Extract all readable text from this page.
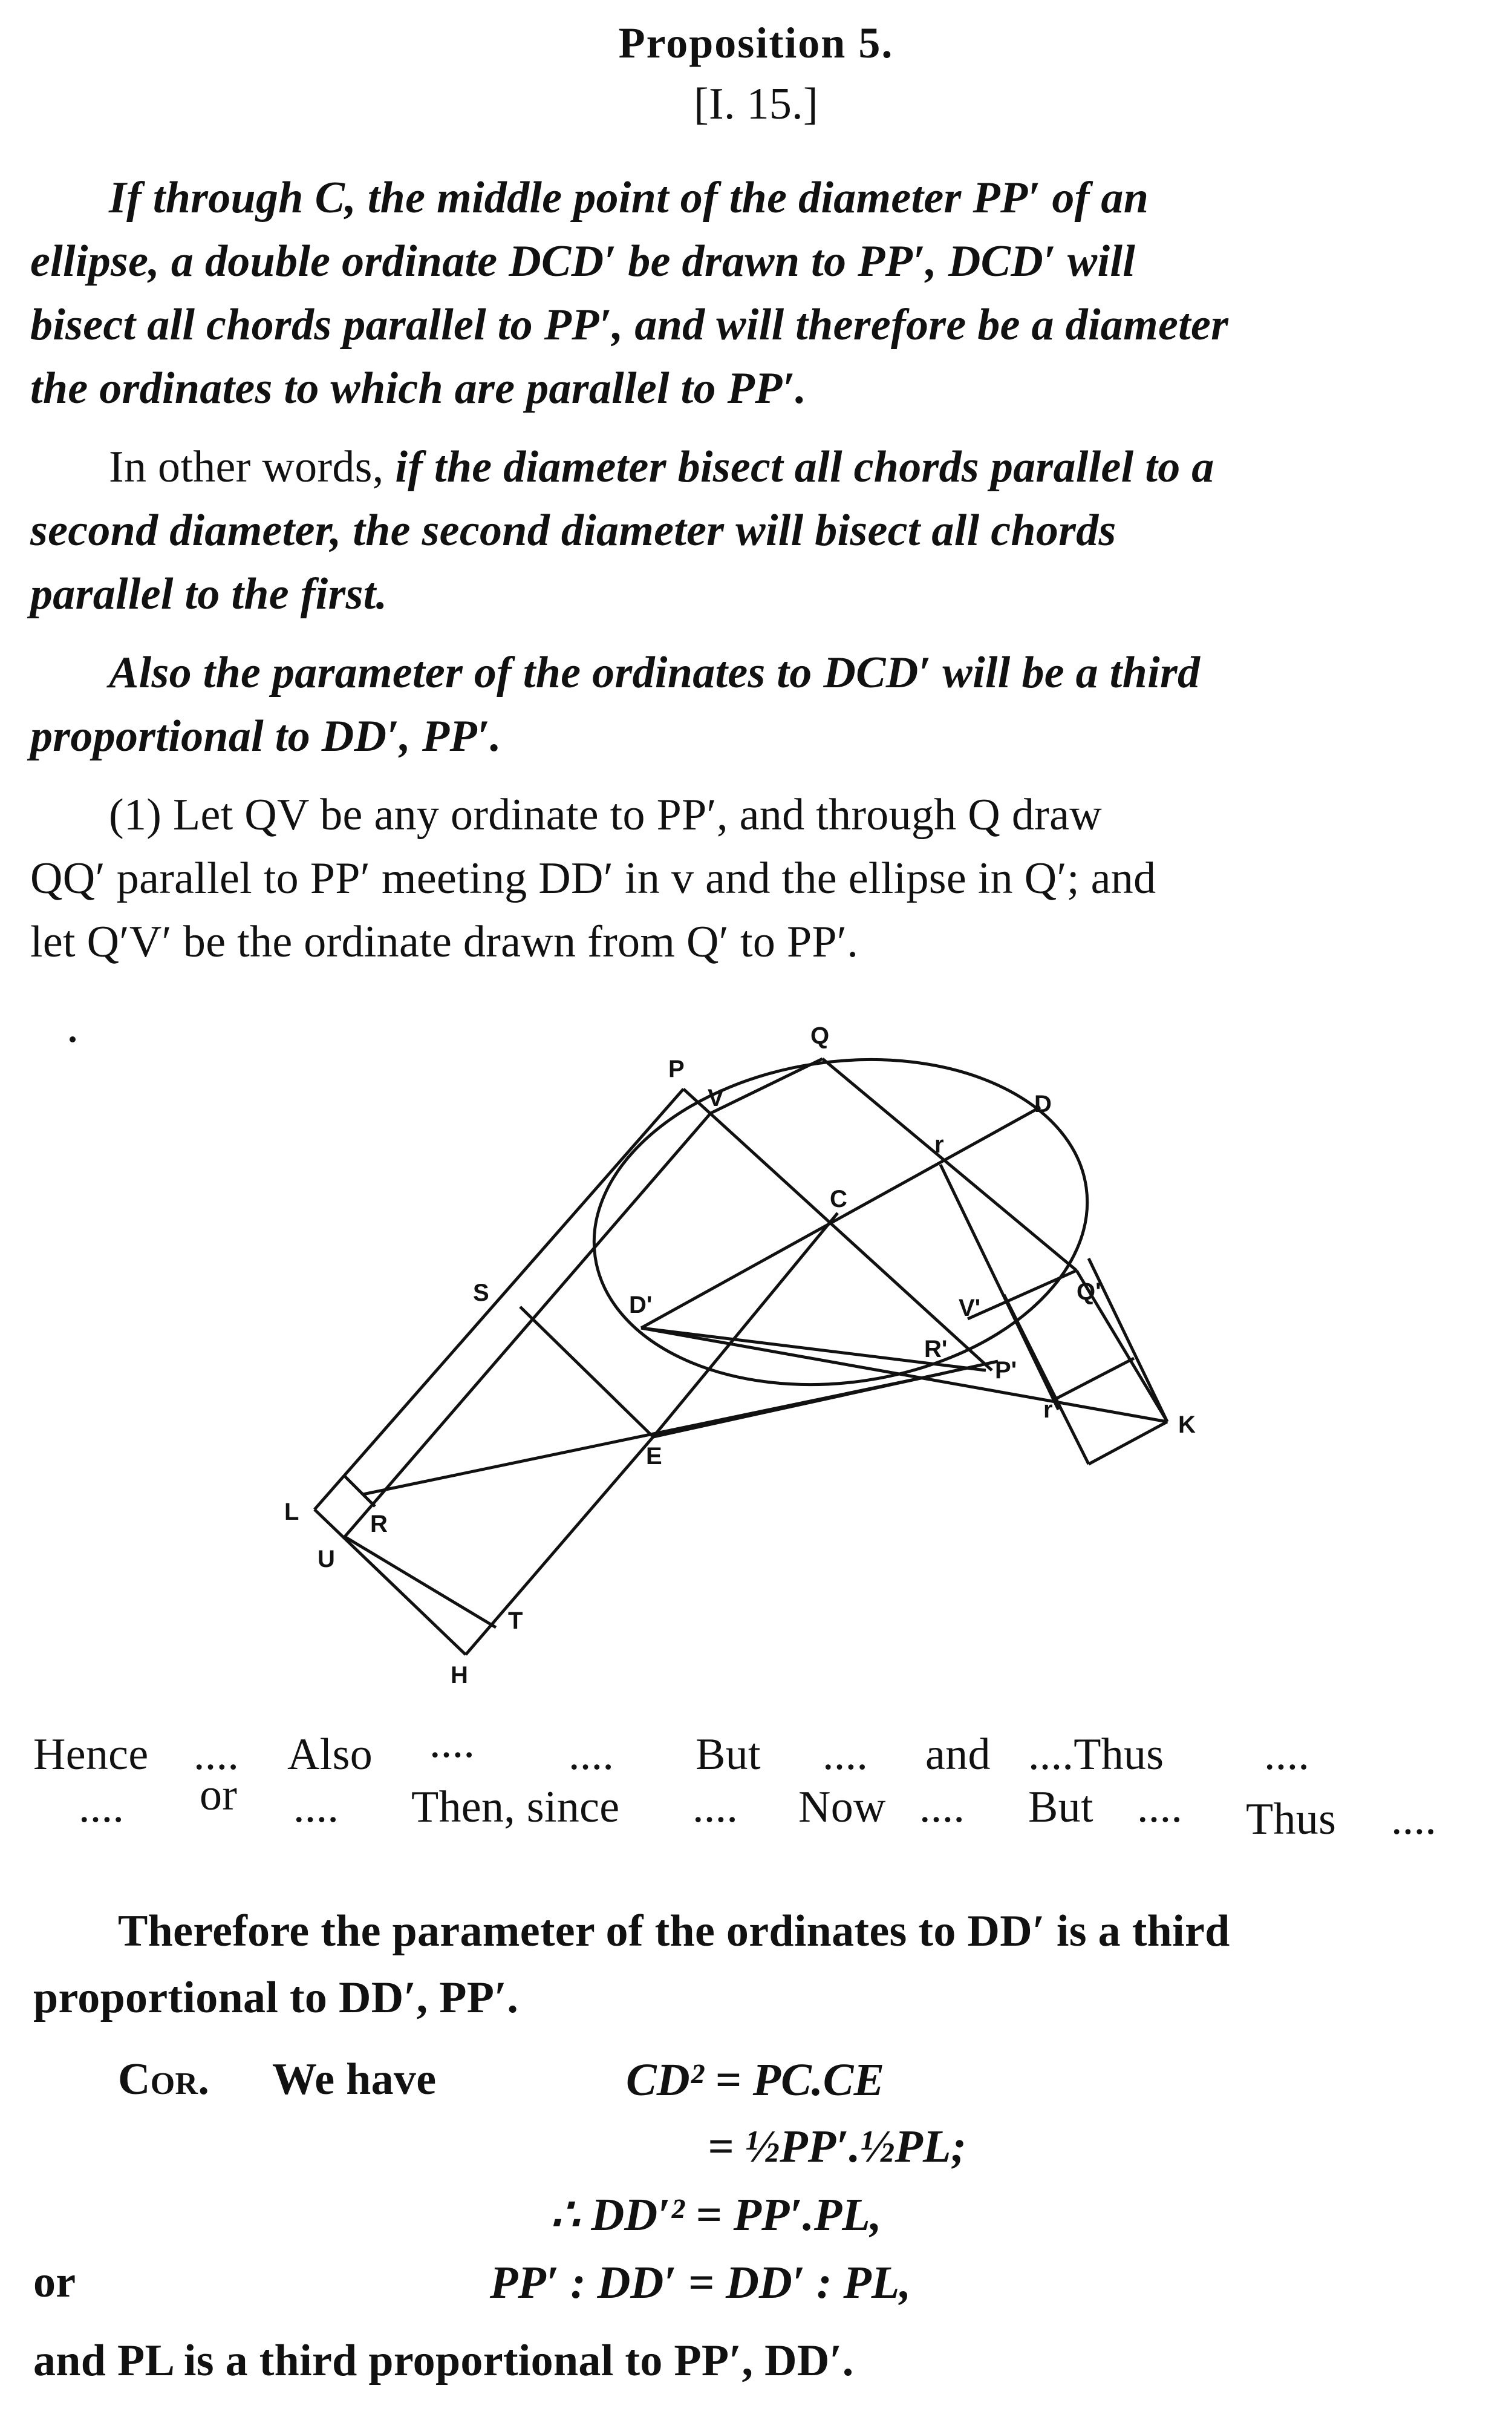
Proposition 5.
[I. 15.]
If through C, the middle point of the diameter PP′ of an
ellipse, a double ordinate DCD′ be drawn to PP′, DCD′ will
bisect all chords parallel to PP′, and will therefore be a diameter
the ordinates to which are parallel to PP′.
In other words, if the diameter bisect all chords parallel to a
second diameter, the second diameter will bisect all chords
parallel to the first.
Also the parameter of the ordinates to DCD′ will be a third
proportional to DD′, PP′.
(1) Let QV be any ordinate to PP′, and through Q draw
QQ′ parallel to PP′ meeting DD′ in v and the ellipse in Q′; and
let Q′V′ be the ordinate drawn from Q′ to PP′.
P
Q
V	D
r
C
S	D'	V'
Q'
R'
P'
r
K
E
L	R
U
T
H
Hence .... Also .... .... But .... and ....Thus ....
.... or .... Then, since .... Now .... But .... Thus ....
Therefore the parameter of the ordinates to DD′ is a third
proportional to DD′, PP′.
Cor. We have	CD² = PC.CE
= ½PP′.½PL;
∴ DD′² = PP′.PL,
or	PP′ : DD′ = DD′ : PL,
and PL is a third proportional to PP′, DD′.
